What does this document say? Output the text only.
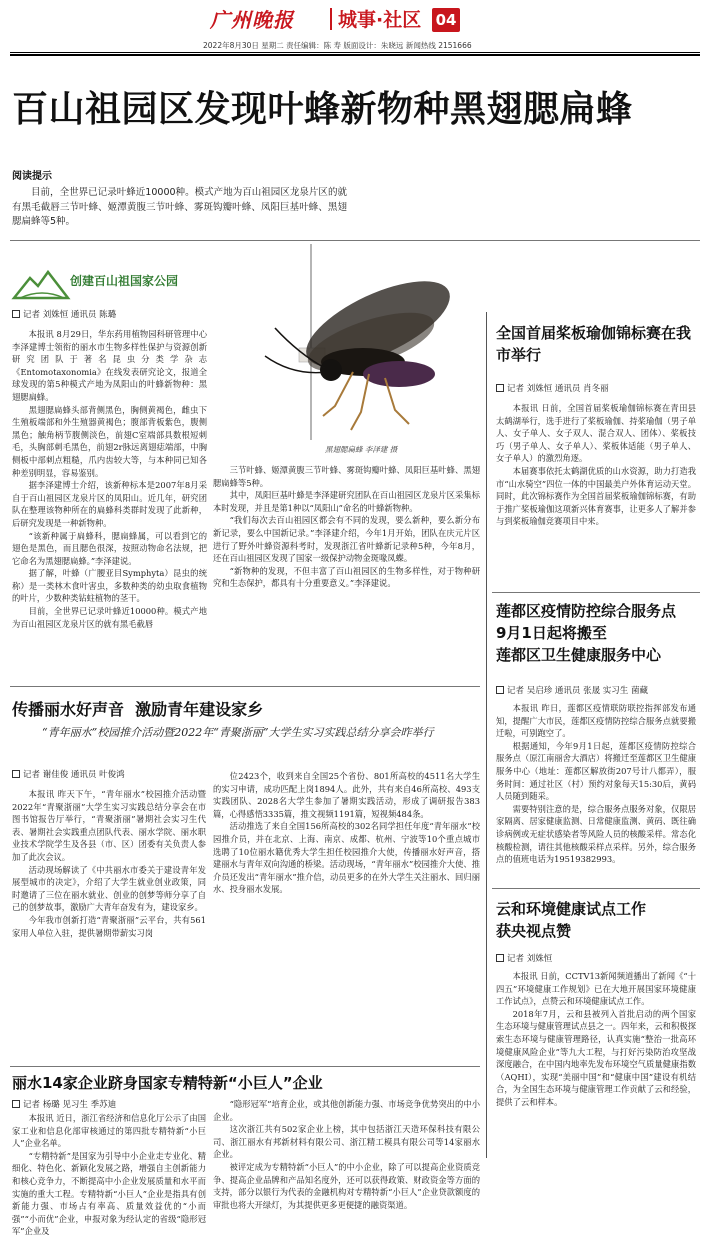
广州晚报 城事·社区 04
2022年8月30日 星期二 责任编辑：陈 寿 版面设计：朱晓远 新闻热线 2151666
百山祖园区发现叶蜂新物种黑翅腮扁蜂
阅读提示
目前，全世界已记录叶蜂近10000种。模式产地为百山祖园区龙泉片区的就有黑毛截唇三节叶蜂、姬潭黄腹三节叶蜂、雾斑钩瓣叶蜂、凤阳巨基叶蜂、黑翅腮扁蜂等5种。
创建百山祖国家公园
黑翅腮扁蜂 李泽建 摄
记者 刘姝恒 通讯员 陈璐

本报讯 8月29日，华东药用植物园科研管理中心李泽建博士领衔的丽水市生物多样性保护与资源创新研究团队于著名昆虫分类学杂志《Entomotaxonomia》在线发表研究论文，报道全球发现的第5种模式产地为凤阳山的叶蜂新物种：黑翅腮扁蜂。

黑翅腮扁蜂头部背侧黑色，胸侧黄褐色，雌虫下生殖板端部和外生殖器黄褐色；腹部背板紫色，腹侧黑色；触角柄节腹侧淡色，前翅C室端部具数根短刺毛，头胸部刺毛黑色，前翅2r脉远离翅痣端部，中胸侧板中部刺点粗糙，爪内齿较大等，与本种同已知各种差别明显，容易鉴别。

据李泽建博士介绍，该新种标本是2007年8月采自于百山祖园区龙泉片区的凤阳山。近几年，研究团队在整理该物种所在的扁蜂科类群时发现了此新种，后研究发现是一种新物种。

“该新种属于扁蜂科，腮扁蜂属，可以看到它的翅色是黑色，而且腮色很深，按照动物命名法规，把它命名为黑翅腮扁蜂。”李泽建说。

据了解，叶蜂（广腰亚目Symphyta）昆虫的统称）是一类林木食叶害虫，多数种类的幼虫取食植物的叶片，少数种类钻蛀植物的茎干。

目前，全世界已记录叶蜂近10000种。模式产地为百山祖园区龙泉片区的就有黑毛截唇

三节叶蜂、姬潭黄腹三节叶蜂、雾斑钩瓣叶蜂、凤阳巨基叶蜂、黑翅腮扁蜂等5种。

其中，凤阳巨基叶蜂是李泽建研究团队在百山祖园区龙泉片区采集标本时发现，并且是第1种以“凤阳山”命名的叶蜂新物种。

“我们每次去百山祖园区都会有不同的发现，要么新种，要么新分布新记录，要么中国新记录。”李泽建介绍，今年1月开始，团队在庆元片区进行了野外叶蜂资源科考时，发现浙江省叶蜂新记录种5种，今年8月，还在百山祖园区发现了国家一级保护动物金斑喙凤蝶。

“新物种的发现，不但丰富了百山祖园区的生物多样性，对于物种研究和生态保护，都具有十分重要意义。”李泽建说。

全国首届桨板瑜伽锦标赛在我市举行
记者 刘姝恒 通讯员 肖冬丽

本报讯 日前，全国首届桨板瑜伽锦标赛在青田县太鹤湖举行，选手进行了桨板瑜伽、持桨瑜伽（男子单人、女子单人、女子双人、混合双人、团体）、桨板技巧（男子单人、女子单人）、桨板体适能（男子单人、女子单人）的激烈角逐。

本届赛事依托太鹤湖优质的山水资源，助力打造我市“山水骑空”四位一体的中国最美户外体育运动天堂。同时，此次锦标赛作为全国首届桨板瑜伽锦标赛，有助于推广桨板瑜伽这项新兴体育赛事，让更多人了解并参与到桨板瑜伽竞赛项目中来。

莲都区疫情防控综合服务点
9月1日起将搬至
莲都区卫生健康服务中心
记者 吴启珍 通讯员 张晟 实习生 菌藏

本报讯 昨日，莲都区疫情联防联控指挥部发布通知，提醒广大市民，莲都区疫情防控综合服务点就要搬迁啦，可别跑空了。

根据通知，今年9月1日起，莲都区疫情防控综合服务点（原江南丽舍大酒店）将搬迁至莲都区卫生健康服务中心（地址：莲都区解放街207号计八都弄），服务时间：通过社区（村）预约对象每天15:30后，黄码人员随到随采。

需要特别注意的是，综合服务点服务对象，仅限居家隔离、居家健康监测、日常健康监测、黄码、既往确诊病例或无症状感染者等风险人员的核酸采样。常态化核酸检测，请往其他核酸采样点采样。另外，综合服务点的值班电话为19519382993。

云和环境健康试点工作
获央视点赞
记者 刘姝恒

本报讯 日前，CCTV13新闻频道播出了新闻《“十四五”环境健康工作规划》已在大地开展国家环境健康工作试点》，点赞云和环境健康试点工作。

2018年7月，云和县被列入首批启动的两个国家生态环境与健康管理试点县之一。四年来，云和积极探索生态环境与健康管理路径，认真实施“整治一批高环境健康风险企业”等九大工程，与打好污染防治攻坚战深度融合，在中国内地率先发布环境空气质量健康指数（AQHI），实现“美丽中国”和“健康中国”建设有机结合，为全国生态环境与健康管理工作贡献了云和经验，提供了云和样本。

传播丽水好声音  激励青年建设家乡
“青年丽水”校园推介活动暨2022年“青聚浙丽”大学生实习实践总结分享会昨举行
记者 谢佳俊 通讯员 叶俊鸿

本报讯 昨天下午，“青年丽水”校园推介活动暨2022年“青聚浙丽”大学生实习实践总结分享会在市图书馆报告厅举行，“青聚浙丽”暑期社会实习生代表、暑期社会实践重点团队代表、丽水学院、丽水职业技术学院学生及各县（市、区）团委有关负责人参加了此次会议。

活动现场解读了《中共丽水市委关于建设青年发展型城市的决定》，介绍了大学生就业创业政策，同时邀请了三位在丽水就业、创业的创梦等师分享了自己的创梦故事，激励广大青年奋发有为，建设家乡。

今年我市创新打造“青聚浙丽”云平台，共有561家用人单位入驻，提供暑期带薪实习岗

位2423个，收到来自全国25个省份、801所高校的4511名大学生的实习申请，成功匹配上岗1894人。此外，共有来自46所高校、493支实践团队、2028名大学生参加了暑期实践活动，形成了调研报告383篇，心得感悟3335篇，推文视频1191篇，短视频484条。

活动推选了来自全国156所高校的302名同学担任年度“青年丽水”校园推介员，并在北京、上海、南京、成都、杭州、宁波等10个重点城市选聘了10位丽水籍优秀大学生担任校园推介大使，传播丽水好声音，搭建丽水与青年双向沟通的桥梁。活动现场，“青年丽水”校园推介大使、推介员还发出“青年丽水”推介信，动员更多的在外大学生关注丽水、回归丽水、投身丽水发展。

丽水14家企业跻身国家专精特新“小巨人”企业
记者 杨璐 见习生 季苏迪

本报讯 近日，浙江省经济和信息化厅公示了由国家工业和信息化部审核通过的第四批专精特新“小巨人”企业名单。

“专精特新”是国家为引导中小企业走专业化、精细化、特色化、新颖化发展之路，增强自主创新能力和核心竞争力，不断提高中小企业发展质量和水平而实施的重大工程。专精特新“小巨人”企业是指具有创新能力强、市场占有率高、质量效益优的“小而强”“小而优”企业，申报对象为经认定的省级“隐形冠军”企业及

“隐形冠军”培育企业，或其他创新能力强、市场竞争优势突出的中小企业。

这次浙江共有502家企业上榜，其中包括浙江天造环保科技有限公司、浙江丽水有邦新材料有限公司、浙江精工模具有限公司等14家丽水企业。

被评定成为专精特新“小巨人”的中小企业，除了可以提高企业资质竞争、提高企业品牌和产品知名度外，还可以获得政策、财政资金等方面的支持，部分以银行为代表的金融机构对专精特新“小巨人”企业贷款额度的审批也将大开绿灯，为其提供更多更便捷的融资渠道。
